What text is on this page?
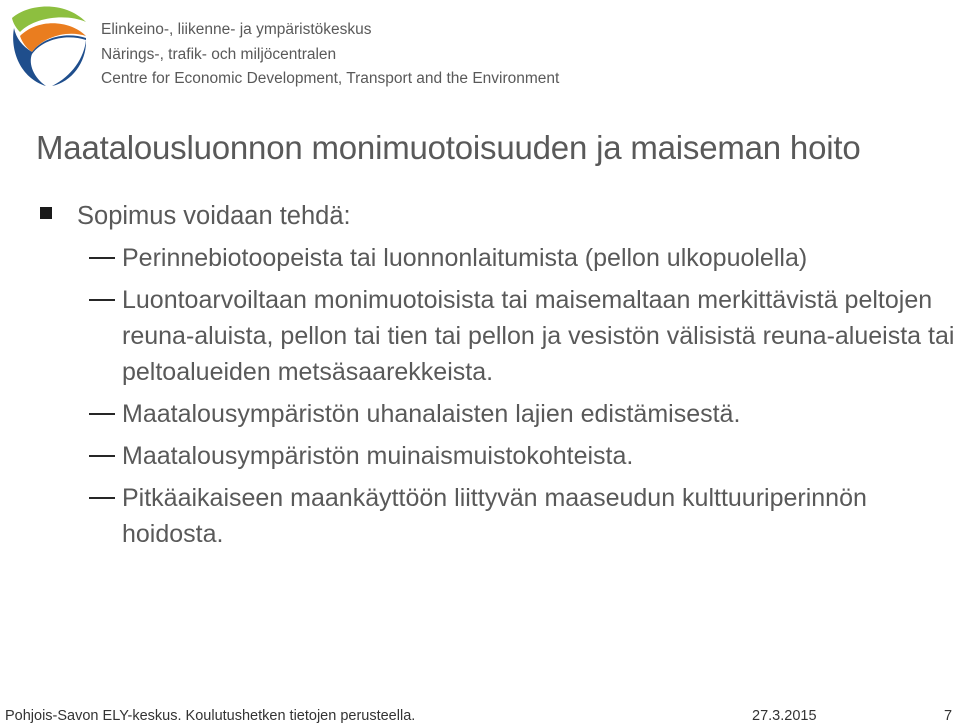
Elinkeino-, liikenne- ja ympäristökeskus
Närings-, trafik- och miljöcentralen
Centre for Economic Development, Transport and the Environment
Maatalousluonnon monimuotoisuuden ja maiseman hoito
Sopimus voidaan tehdä:
Perinnebiotoopeista tai luonnonlaitumista (pellon ulkopuolella)
Luontoarvoiltaan monimuotoisista tai maisemaltaan merkittävistä peltojen reuna-aluista, pellon tai tien tai pellon ja vesistön välisistä reuna-alueista tai peltoalueiden metsäsaarekkeista.
Maatalousympäristön uhanalaisten lajien edistämisestä.
Maatalousympäristön muinaismuistokohteista.
Pitkäaikaiseen maankäyttöön liittyvän maaseudun kulttuuriperinnön hoidosta.
Pohjois-Savon ELY-keskus. Koulutushetken tietojen perusteella.	27.3.2015	7
